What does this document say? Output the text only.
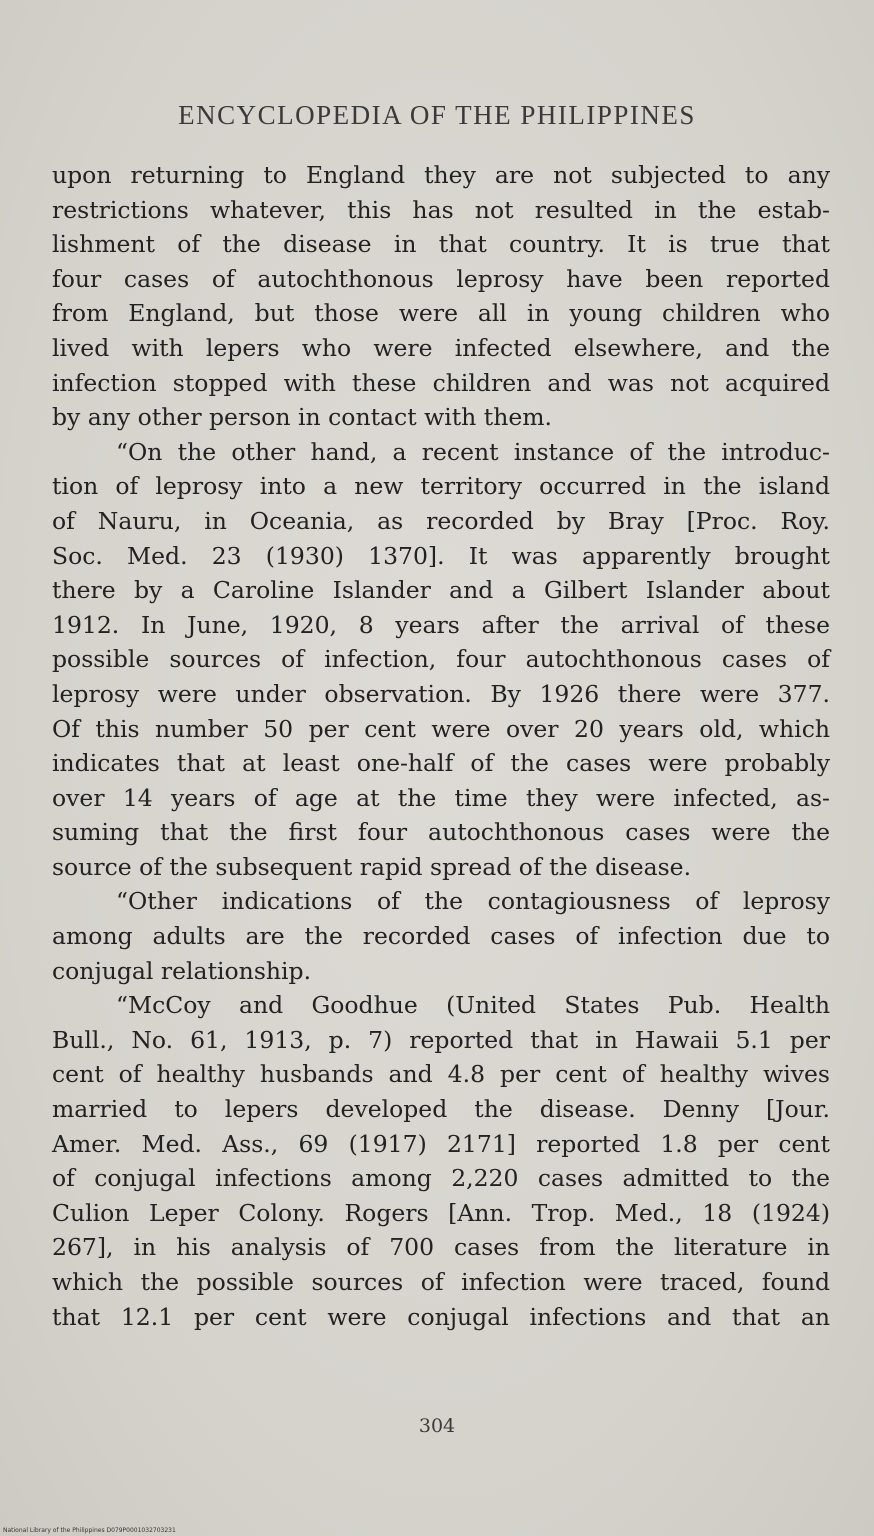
ENCYCLOPEDIA OF THE PHILIPPINES
upon returning to England they are not subjected to any
restrictions whatever, this has not resulted in the estab-
lishment of the disease in that country. It is true that
four cases of autochthonous leprosy have been reported
from England, but those were all in young children who
lived with lepers who were infected elsewhere, and the
infection stopped with these children and was not acquired
by any other person in contact with them.
“On the other hand, a recent instance of the introduc-
tion of leprosy into a new territory occurred in the island
of Nauru, in Oceania, as recorded by Bray [Proc. Roy.
Soc. Med. 23 (1930) 1370]. It was apparently brought
there by a Caroline Islander and a Gilbert Islander about
1912. In June, 1920, 8 years after the arrival of these
possible sources of infection, four autochthonous cases of
leprosy were under observation. By 1926 there were 377.
Of this number 50 per cent were over 20 years old, which
indicates that at least one-half of the cases were probably
over 14 years of age at the time they were infected, as-
suming that the first four autochthonous cases were the
source of the subsequent rapid spread of the disease.
“Other indications of the contagiousness of leprosy
among adults are the recorded cases of infection due to
conjugal relationship.
“McCoy and Goodhue (United States Pub. Health
Bull., No. 61, 1913, p. 7) reported that in Hawaii 5.1 per
cent of healthy husbands and 4.8 per cent of healthy wives
married to lepers developed the disease. Denny [Jour.
Amer. Med. Ass., 69 (1917) 2171] reported 1.8 per cent
of conjugal infections among 2,220 cases admitted to the
Culion Leper Colony. Rogers [Ann. Trop. Med., 18 (1924)
267], in his analysis of 700 cases from the literature in
which the possible sources of infection were traced, found
that 12.1 per cent were conjugal infections and that an
304
National Library of the Philippines D079P0001032703231
